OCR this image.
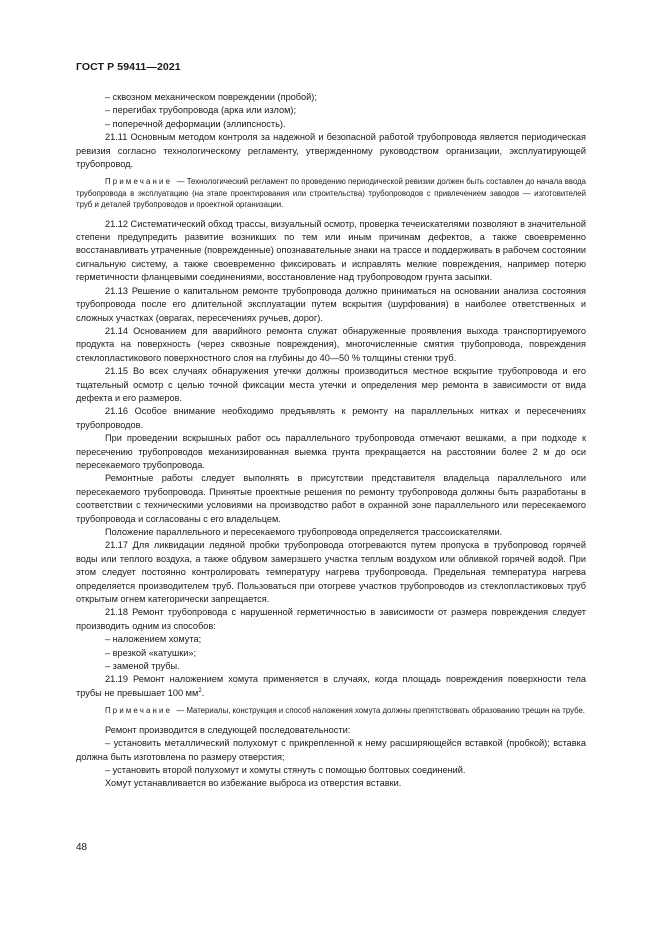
ГОСТ Р 59411—2021

– сквозном механическом повреждении (пробой);

– перегибах трубопровода (арка или излом);

– поперечной деформации (эллипсность).

21.11 Основным методом контроля за надежной и безопасной работой трубопровода является периодическая ревизия согласно технологическому регламенту, утвержденному руководством организации, эксплуатирующей трубопровод.

Примечание — Технологический регламент по проведению периодической ревизии должен быть составлен до начала ввода трубопровода в эксплуатацию (на этапе проектирования или строительства) трубопроводов с привлечением заводов — изготовителей труб и деталей трубопроводов и проектной организации.

21.12 Систематический обход трассы, визуальный осмотр, проверка течеискателями позволяют в значительной степени предупредить развитие возникших по тем или иным причинам дефектов, а также своевременно восстанавливать утраченные (поврежденные) опознавательные знаки на трассе и поддерживать в рабочем состоянии сигнальную систему, а также своевременно фиксировать и исправлять мелкие повреждения, например потерю герметичности фланцевыми соединениями, восстановление над трубопроводом грунта засыпки.

21.13 Решение о капитальном ремонте трубопровода должно приниматься на основании анализа состояния трубопровода после его длительной эксплуатации путем вскрытия (шурфования) в наиболее ответственных и сложных участках (оврагах, пересечениях ручьев, дорог).

21.14 Основанием для аварийного ремонта служат обнаруженные проявления выхода транспортируемого продукта на поверхность (через сквозные повреждения), многочисленные смятия трубопровода, повреждения стеклопластикового поверхностного слоя на глубины до 40—50 % толщины стенки труб.

21.15 Во всех случаях обнаружения утечки должны производиться местное вскрытие трубопровода и его тщательный осмотр с целью точной фиксации места утечки и определения мер ремонта в зависимости от вида дефекта и его размеров.

21.16 Особое внимание необходимо предъявлять к ремонту на параллельных нитках и пересечениях трубопроводов.

При проведении вскрышных работ ось параллельного трубопровода отмечают вешками, а при подходе к пересечению трубопроводов механизированная выемка грунта прекращается на расстоянии более 2 м до оси пересекаемого трубопровода.

Ремонтные работы следует выполнять в присутствии представителя владельца параллельного или пересекаемого трубопровода. Принятые проектные решения по ремонту трубопровода должны быть разработаны в соответствии с техническими условиями на производство работ в охранной зоне параллельного или пересекаемого трубопровода и согласованы с его владельцем.

Положение параллельного и пересекаемого трубопровода определяется трассоискателями.

21.17 Для ликвидации ледяной пробки трубопровода отогреваются путем пропуска в трубопровод горячей воды или теплого воздуха, а также обдувом замерзшего участка теплым воздухом или обливкой горячей водой. При этом следует постоянно контролировать температуру нагрева трубопровода. Предельная температура нагрева определяется производителем труб. Пользоваться при отогреве участков трубопроводов из стеклопластиковых труб открытым огнем категорически запрещается.

21.18 Ремонт трубопровода с нарушенной герметичностью в зависимости от размера повреждения следует производить одним из способов:

– наложением хомута;

– врезкой «катушки»;

– заменой трубы.

21.19 Ремонт наложением хомута применяется в случаях, когда площадь повреждения поверхности тела трубы не превышает 100 $мм^2$.

Примечание — Материалы, конструкция и способ наложения хомута должны препятствовать образованию трещин на трубе.

Ремонт производится в следующей последовательности:

– установить металлический полухомут с прикрепленной к нему расширяющейся вставкой (пробкой); вставка должна быть изготовлена по размеру отверстия;

– установить второй полухомут и хомуты стянуть с помощью болтовых соединений.

Хомут устанавливается во избежание выброса из отверстия вставки.

48
